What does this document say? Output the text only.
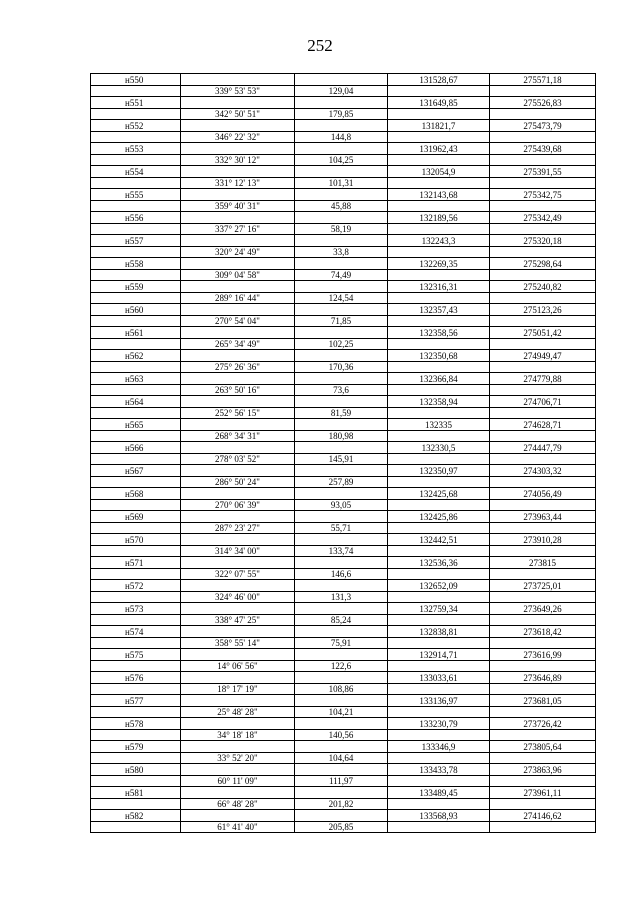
252
н550			131528,67	275571,18
	339° 53' 53"	129,04		
н551			131649,85	275526,83
	342° 50' 51"	179,85		
н552			131821,7	275473,79
	346° 22' 32"	144,8		
н553			131962,43	275439,68
	332° 30' 12"	104,25		
н554			132054,9	275391,55
	331° 12' 13"	101,31		
н555			132143,68	275342,75
	359° 40' 31"	45,88		
н556			132189,56	275342,49
	337° 27' 16"	58,19		
н557			132243,3	275320,18
	320° 24' 49"	33,8		
н558			132269,35	275298,64
	309° 04' 58"	74,49		
н559			132316,31	275240,82
	289° 16' 44"	124,54		
н560			132357,43	275123,26
	270° 54' 04"	71,85		
н561			132358,56	275051,42
	265° 34' 49"	102,25		
н562			132350,68	274949,47
	275° 26' 36"	170,36		
н563			132366,84	274779,88
	263° 50' 16"	73,6		
н564			132358,94	274706,71
	252° 56' 15"	81,59		
н565			132335	274628,71
	268° 34' 31"	180,98		
н566			132330,5	274447,79
	278° 03' 52"	145,91		
н567			132350,97	274303,32
	286° 50' 24"	257,89		
н568			132425,68	274056,49
	270° 06' 39"	93,05		
н569			132425,86	273963,44
	287° 23' 27"	55,71		
н570			132442,51	273910,28
	314° 34' 00"	133,74		
н571			132536,36	273815
	322° 07' 55"	146,6		
н572			132652,09	273725,01
	324° 46' 00"	131,3		
н573			132759,34	273649,26
	338° 47' 25"	85,24		
н574			132838,81	273618,42
	358° 55' 14"	75,91		
н575			132914,71	273616,99
	14° 06' 56"	122,6		
н576			133033,61	273646,89
	18° 17' 19"	108,86		
н577			133136,97	273681,05
	25° 48' 28"	104,21		
н578			133230,79	273726,42
	34° 18' 18"	140,56		
н579			133346,9	273805,64
	33° 52' 20"	104,64		
н580			133433,78	273863,96
	60° 11' 09"	111,97		
н581			133489,45	273961,11
	66° 48' 28"	201,82		
н582			133568,93	274146,62
	61° 41' 40"	205,85		
